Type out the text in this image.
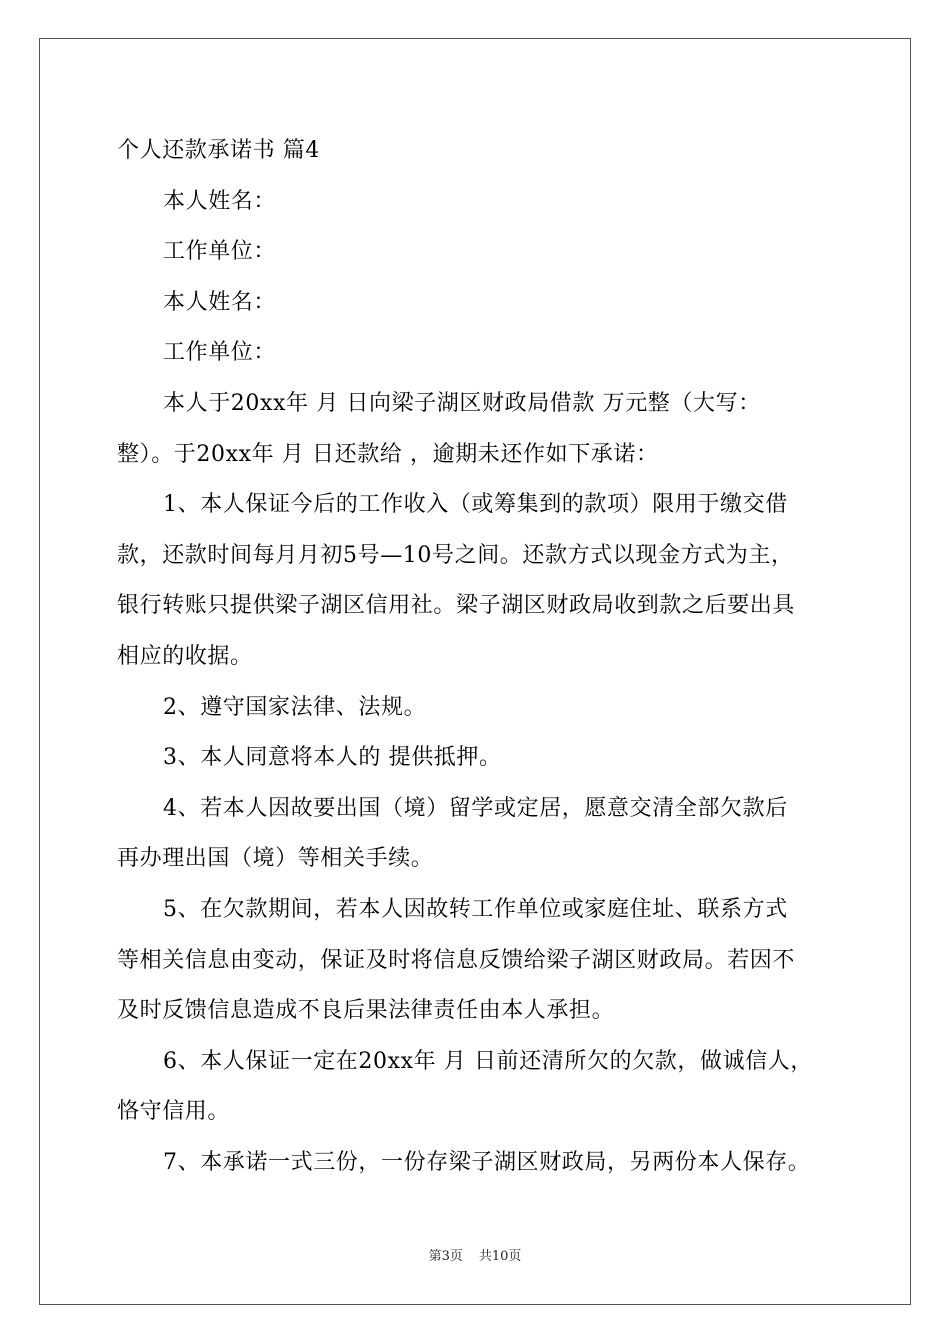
个人还款承诺书 篇4
本人姓名：
工作单位：
本人姓名：
工作单位：
本人于20xx年 月 日向梁子湖区财政局借款 万元整（大写：
整）。于20xx年 月 日还款给 ，逾期未还作如下承诺：
1、本人保证今后的工作收入（或筹集到的款项）限用于缴交借
款，还款时间每月月初5号—10号之间。还款方式以现金方式为主，
银行转账只提供梁子湖区信用社。梁子湖区财政局收到款之后要出具
相应的收据。
2、遵守国家法律、法规。
3、本人同意将本人的 提供抵押。
4、若本人因故要出国（境）留学或定居，愿意交清全部欠款后
再办理出国（境）等相关手续。
5、在欠款期间，若本人因故转工作单位或家庭住址、联系方式
等相关信息由变动，保证及时将信息反馈给梁子湖区财政局。若因不
及时反馈信息造成不良后果法律责任由本人承担。
6、本人保证一定在20xx年 月 日前还清所欠的欠款，做诚信人，
恪守信用。
7、本承诺一式三份，一份存梁子湖区财政局，另两份本人保存。
第3页 共10页
